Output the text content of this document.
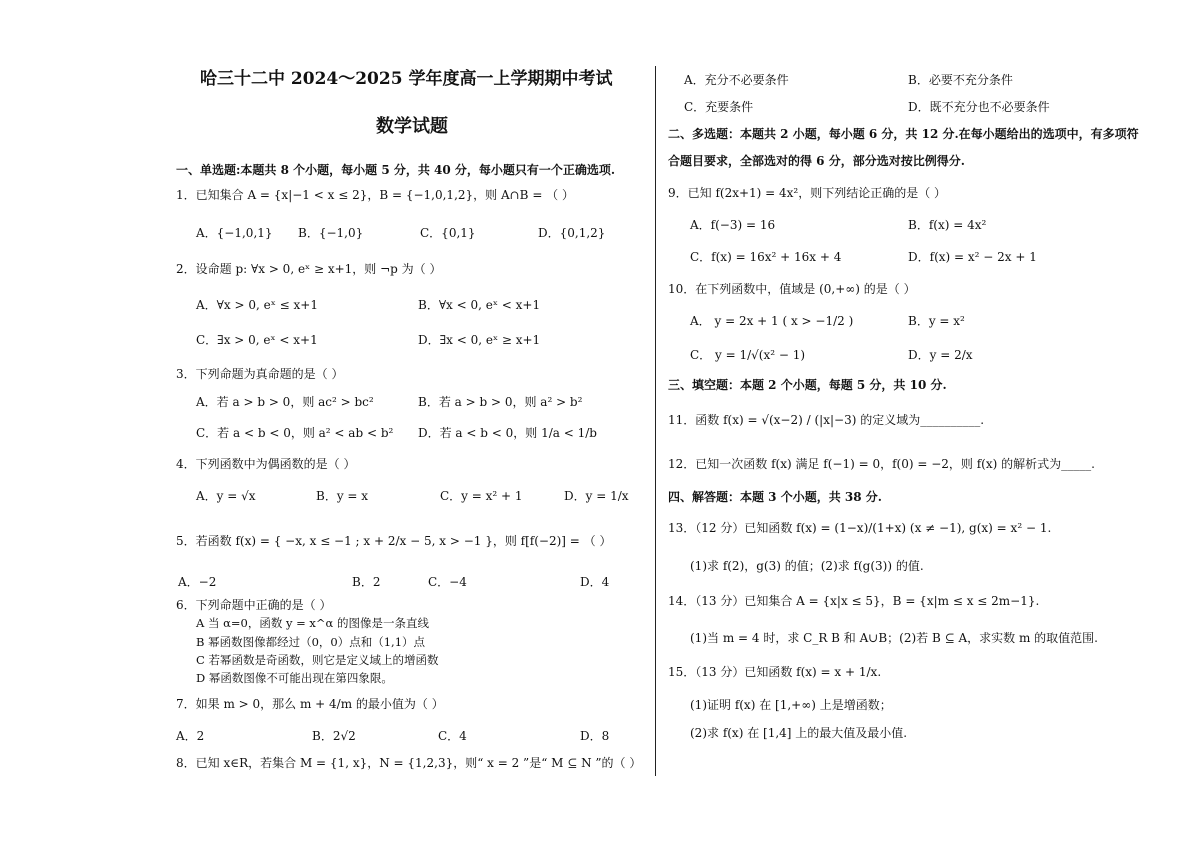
哈三十二中 2024～2025 学年度高一上学期期中考试
数学试题
一、单选题:本题共 8 个小题，每小题 5 分，共 40 分，每小题只有一个正确选项.
1．已知集合 A = {x|−1 < x ≤ 2}，B = {−1,0,1,2}，则 A∩B = （ ）
A．{−1,0,1} B．{−1,0}	C．{0,1}	D．{0,1,2}
2．设命题 p: ∀x > 0, eˣ ≥ x+1，则 ¬p 为（ ）
A．∀x > 0, eˣ ≤ x+1	B．∀x < 0, eˣ < x+1
C．∃x > 0, eˣ < x+1	D．∃x < 0, eˣ ≥ x+1
3．下列命题为真命题的是（ ）
A．若 a > b > 0，则 ac² > bc²	B．若 a > b > 0，则 a² > b²
C．若 a < b < 0，则 a² < ab < b² D．若 a < b < 0，则 1/a < 1/b
4．下列函数中为偶函数的是（ ）
A．y = √x	B．y = x	C．y = x² + 1	D．y = 1/x
5．若函数 f(x) = { −x, x ≤ −1 ; x + 2/x − 5, x > −1 }，则 f[f(−2)] = （ ）
A．−2	B．2	C．−4	D．4
6．下列命题中正确的是（ ）
A 当 α=0，函数 y = x^α 的图像是一条直线
B 幂函数图像都经过（0，0）点和（1,1）点
C 若幂函数是奇函数，则它是定义域上的增函数
D 幂函数图像不可能出现在第四象限。
7．如果 m > 0，那么 m + 4/m 的最小值为（ ）
A．2	B．2√2	C．4	D．8
8．已知 x∈R，若集合 M = {1, x}，N = {1,2,3}，则“ x = 2 ”是“ M ⊆ N ”的（ ）
A．充分不必要条件	B．必要不充分条件
C．充要条件	D．既不充分也不必要条件
二、多选题：本题共 2 小题，每小题 6 分，共 12 分.在每小题给出的选项中，有多项符
合题目要求，全部选对的得 6 分，部分选对按比例得分.
9．已知 f(2x+1) = 4x²，则下列结论正确的是（ ）
A．f(−3) = 16	B．f(x) = 4x²
C．f(x) = 16x² + 16x + 4	D．f(x) = x² − 2x + 1
10．在下列函数中，值域是 (0,+∞) 的是（ ）
A． y = 2x + 1 ( x > −1/2 )	B．y = x²
C． y = 1/√(x² − 1)	D．y = 2/x
三、填空题：本题 2 个小题，每题 5 分，共 10 分.
11．函数 f(x) = √(x−2) / (|x|−3) 的定义域为__________.
12．已知一次函数 f(x) 满足 f(−1) = 0，f(0) = −2，则 f(x) 的解析式为_____.
四、解答题：本题 3 个小题，共 38 分.
13．（12 分）已知函数 f(x) = (1−x)/(1+x) (x ≠ −1), g(x) = x² − 1.
(1)求 f(2)，g(3) 的值；(2)求 f(g(3)) 的值.
14．（13 分）已知集合 A = {x|x ≤ 5}，B = {x|m ≤ x ≤ 2m−1}.
(1)当 m = 4 时，求 C_R B 和 A∪B；(2)若 B ⊆ A，求实数 m 的取值范围.
15．（13 分）已知函数 f(x) = x + 1/x.
(1)证明 f(x) 在 [1,+∞) 上是增函数；
(2)求 f(x) 在 [1,4] 上的最大值及最小值.
